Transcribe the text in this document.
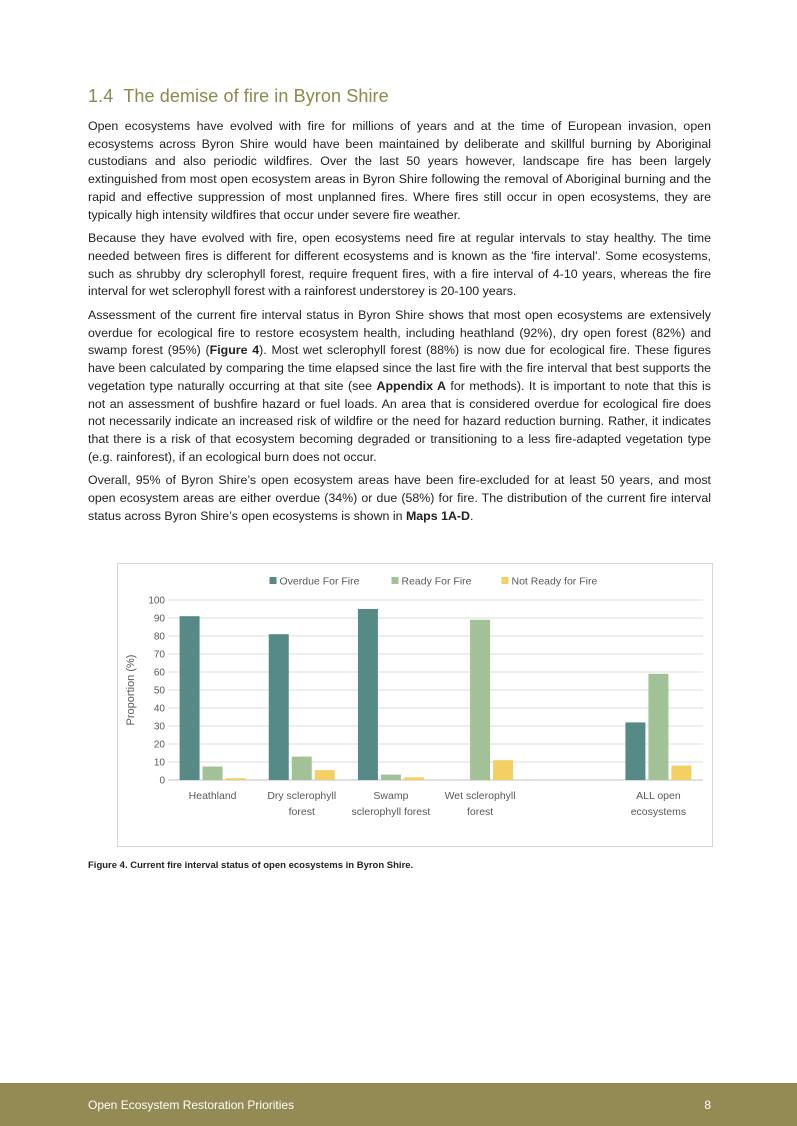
1.4 The demise of fire in Byron Shire

Open ecosystems have evolved with fire for millions of years and at the time of European invasion, open ecosystems across Byron Shire would have been maintained by deliberate and skillful burning by Aboriginal custodians and also periodic wildfires. Over the last 50 years however, landscape fire has been largely extinguished from most open ecosystem areas in Byron Shire following the removal of Aboriginal burning and the rapid and effective suppression of most unplanned fires. Where fires still occur in open ecosystems, they are typically high intensity wildfires that occur under severe fire weather.

Because they have evolved with fire, open ecosystems need fire at regular intervals to stay healthy. The time needed between fires is different for different ecosystems and is known as the 'fire interval'. Some ecosystems, such as shrubby dry sclerophyll forest, require frequent fires, with a fire interval of 4-10 years, whereas the fire interval for wet sclerophyll forest with a rainforest understorey is 20-100 years.

Assessment of the current fire interval status in Byron Shire shows that most open ecosystems are extensively overdue for ecological fire to restore ecosystem health, including heathland (92%), dry open forest (82%) and swamp forest (95%) (Figure 4). Most wet sclerophyll forest (88%) is now due for ecological fire. These figures have been calculated by comparing the time elapsed since the last fire with the fire interval that best supports the vegetation type naturally occurring at that site (see Appendix A for methods). It is important to note that this is not an assessment of bushfire hazard or fuel loads. An area that is considered overdue for ecological fire does not necessarily indicate an increased risk of wildfire or the need for hazard reduction burning. Rather, it indicates that there is a risk of that ecosystem becoming degraded or transitioning to a less fire-adapted vegetation type (e.g. rainforest), if an ecological burn does not occur.

Overall, 95% of Byron Shire’s open ecosystem areas have been fire-excluded for at least 50 years, and most open ecosystem areas are either overdue (34%) or due (58%) for fire. The distribution of the current fire interval status across Byron Shire’s open ecosystems is shown in Maps 1A-D.

0
10
20
30
40
50
60
70
80
90
100
Proportion (%)
Heathland	Dry sclerophyll
forest
Swamp
sclerophyll forest
Wet sclerophyll
forest
ALL open
ecosystems
Overdue For Fire	Ready For Fire	Not Ready for Fire
Figure 4. Current fire interval status of open ecosystems in Byron Shire.
Open Ecosystem Restoration Priorities	8
